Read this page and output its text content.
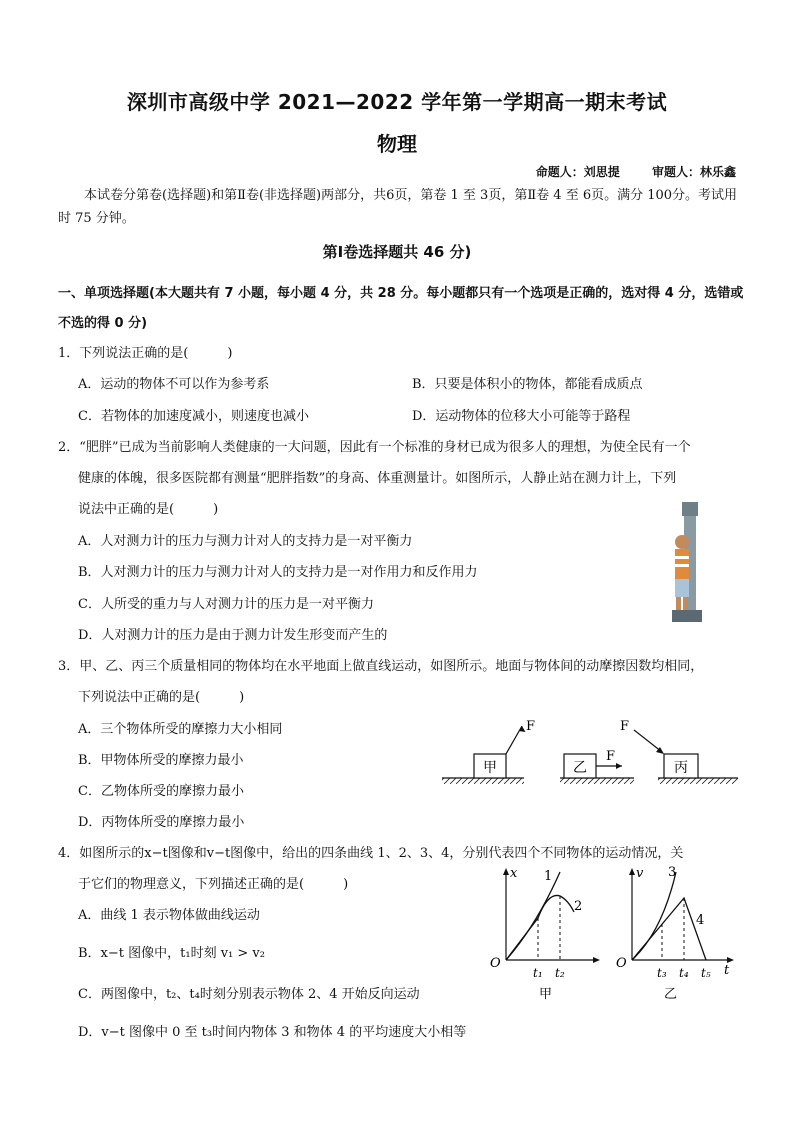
深圳市高级中学 2021—2022 学年第一学期高一期末考试
物理
命题人：刘思提	审题人：林乐鑫
本试卷分第卷(选择题)和第Ⅱ卷(非选择题)两部分，共6页，第卷 1 至 3页，第Ⅱ卷 4 至 6页。满分 100分。考试用时 75 分钟。
第Ⅰ卷选择题共 46 分)
一、单项选择题(本大题共有 7 小题，每小题 4 分，共 28 分。每小题都只有一个选项是正确的，选对得 4 分，选错或不选的得 0 分)
1．下列说法正确的是(　　　)
A．运动的物体不可以作为参考系	B．只要是体积小的物体，都能看成质点
C．若物体的加速度减小，则速度也减小	D．运动物体的位移大小可能等于路程
2．“肥胖”已成为当前影响人类健康的一大问题，因此有一个标准的身材已成为很多人的理想，为使全民有一个
健康的体魄，很多医院都有测量“肥胖指数”的身高、体重测量计。如图所示，人静止站在测力计上，下列
说法中正确的是(　　　)
A．人对测力计的压力与测力计对人的支持力是一对平衡力
B．人对测力计的压力与测力计对人的支持力是一对作用力和反作用力
C．人所受的重力与人对测力计的压力是一对平衡力
D．人对测力计的压力是由于测力计发生形变而产生的
3．甲、乙、丙三个质量相同的物体均在水平地面上做直线运动，如图所示。地面与物体间的动摩擦因数均相同，
下列说法中正确的是(　　　)
A．三个物体所受的摩擦力大小相同
B．甲物体所受的摩擦力最小
C．乙物体所受的摩擦力最小
D．丙物体所受的摩擦力最小
甲
F
乙
F
丙
F
4．如图所示的x−t图像和v−t图像中，给出的四条曲线 1、2、3、4，分别代表四个不同物体的运动情况，关
于它们的物理意义，下列描述正确的是(　　　)
A．曲线 1 表示物体做曲线运动
B．x−t 图像中，t₁时刻 v₁ > v₂
C．两图像中，t₂、t₄时刻分别表示物体 2、4 开始反向运动
D．v−t 图像中 0 至 t₃时间内物体 3 和物体 4 的平均速度大小相等
x
O
1
2
t₁ t₂
甲
v
O
3
4
t₃ t₄ t₅ t
乙
